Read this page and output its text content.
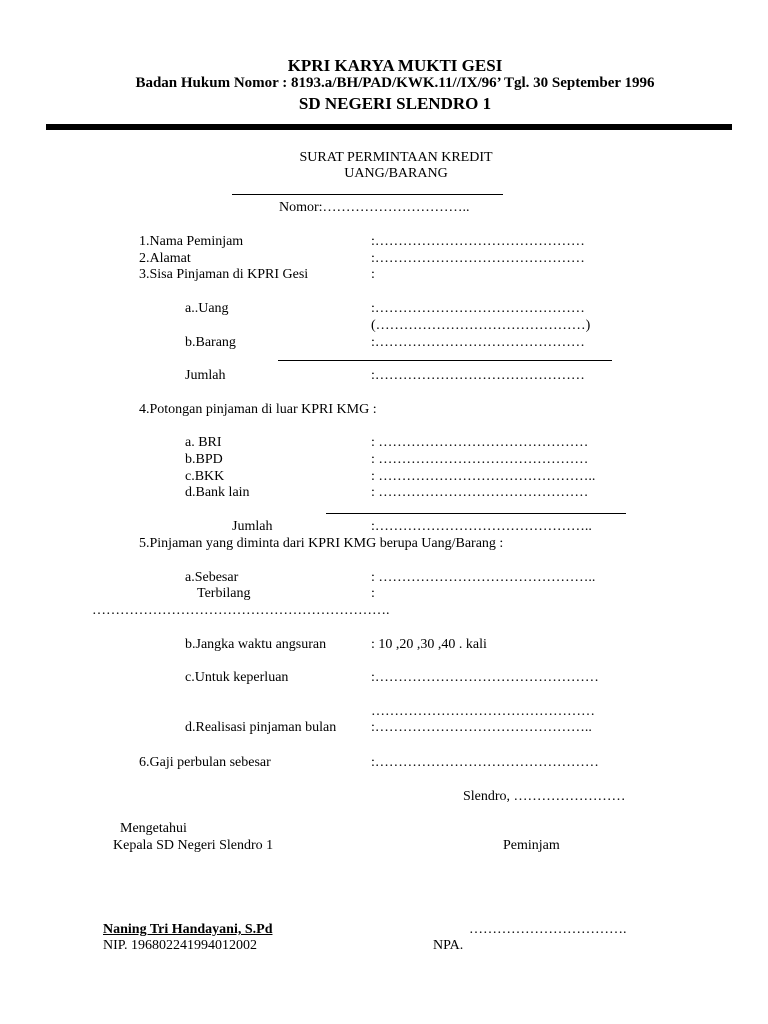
KPRI KARYA MUKTI GESI
Badan Hukum Nomor : 8193.a/BH/PAD/KWK.11//IX/96’ Tgl. 30 September 1996
SD NEGERI SLENDRO 1
SURAT PERMINTAAN KREDIT
UANG/BARANG
Nomor:…………………………..
1.Nama Peminjam	:………………………………………
2.Alamat	:………………………………………
3.Sisa Pinjaman di KPRI Gesi	:
a..Uang	:………………………………………
(………………………………………)
b.Barang	:………………………………………
Jumlah	:………………………………………
4.Potongan pinjaman di luar KPRI KMG :
a. BRI	: ………………………………………
b.BPD	: ………………………………………
c.BKK	: ………………………………………..
d.Bank lain	: ………………………………………
Jumlah	:………………………………………..
5.Pinjaman yang diminta dari KPRI KMG berupa Uang/Barang :
a.Sebesar	: ………………………………………..
Terbilang	:
……………………………………………………….
b.Jangka waktu angsuran	: 10 ,20 ,30 ,40 . kali
c.Untuk keperluan	:…………………………………………
…………………………………………
d.Realisasi pinjaman bulan :………………………………………..
6.Gaji perbulan sebesar	:…………………………………………
Slendro, ……………………
Mengetahui
Kepala SD Negeri Slendro 1	Peminjam
Naning Tri Handayani, S.Pd
NIP. 196802241994012002
…………………………….
NPA.
